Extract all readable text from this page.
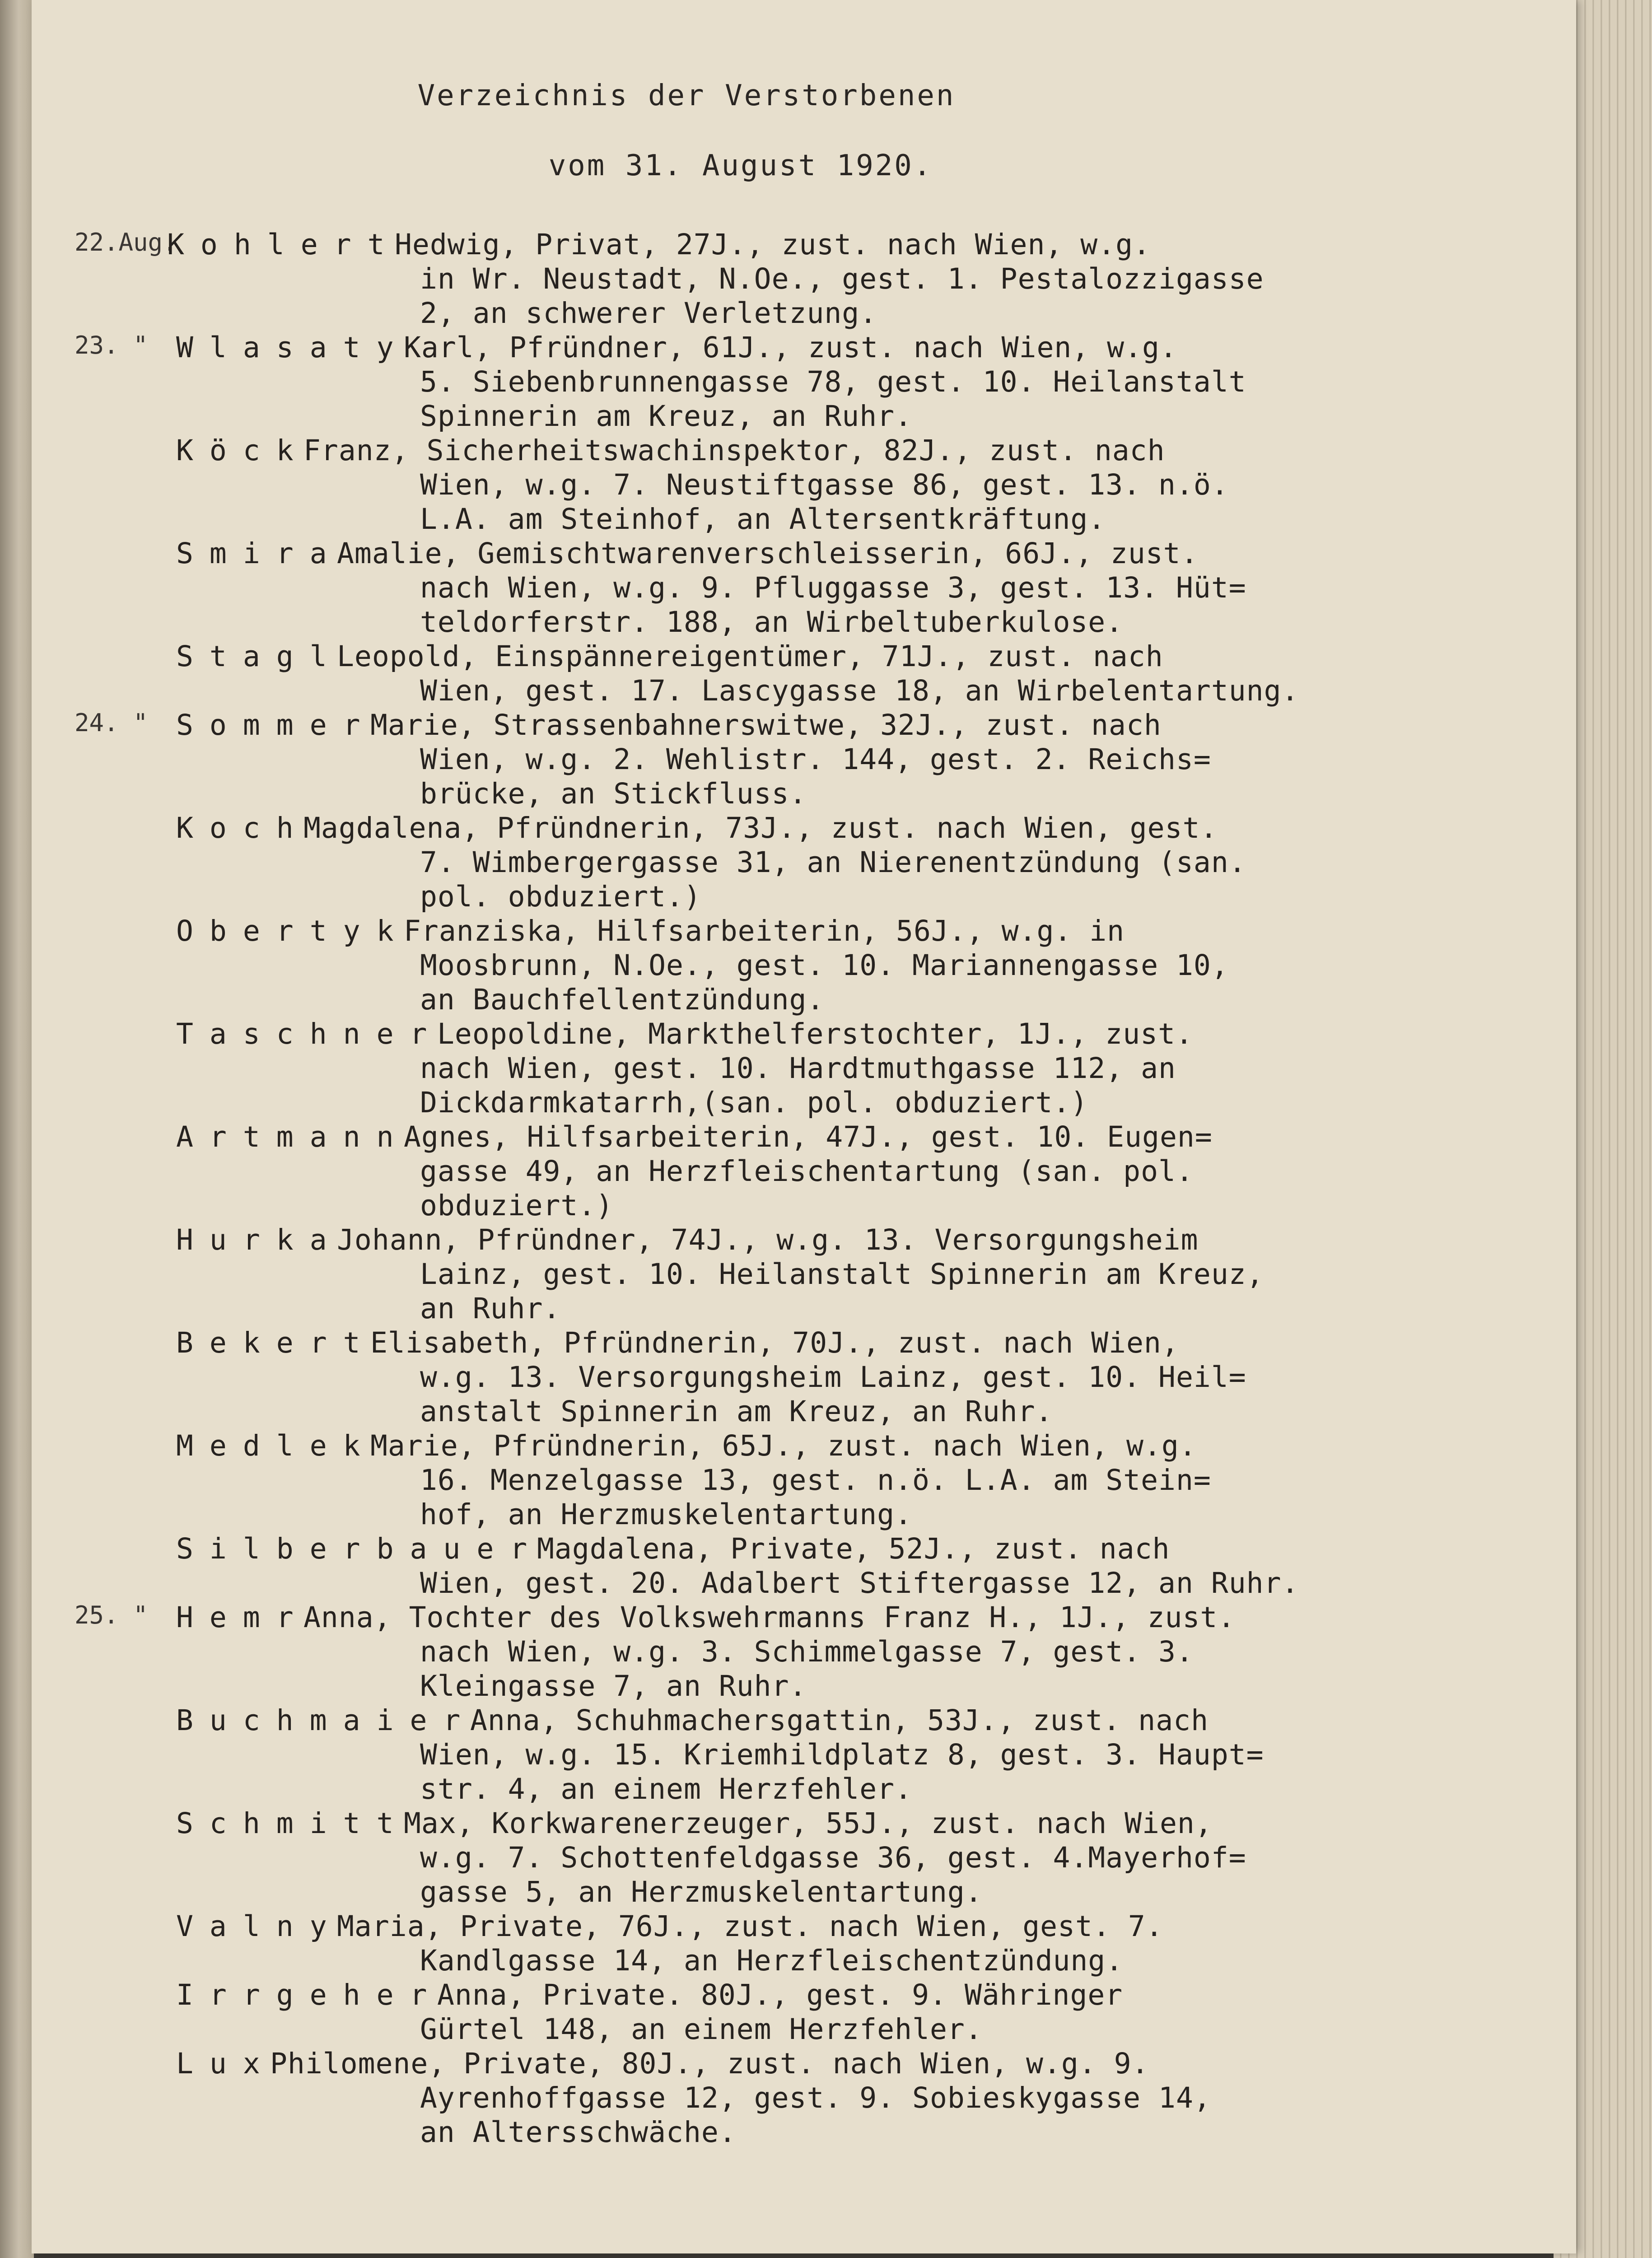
Verzeichnis der Verstorbenen
vom 31. August 1920.
22.Aug.
Kohlert
Hedwig, Privat, 27J., zust. nach Wien, w.g.
in Wr. Neustadt, N.Oe., gest. 1. Pestalozzigasse
2, an schwerer Verletzung.
23. " Wlasaty
Karl, Pfründner, 61J., zust. nach Wien, w.g.
5. Siebenbrunnengasse 78, gest. 10. Heilanstalt
Spinnerin am Kreuz, an Ruhr.
Köck
Franz, Sicherheitswachinspektor, 82J., zust. nach
Wien, w.g. 7. Neustiftgasse 86, gest. 13. n.ö.
L.A. am Steinhof, an Altersentkräftung.
Smira
Amalie, Gemischtwarenverschleisserin, 66J., zust.
nach Wien, w.g. 9. Pfluggasse 3, gest. 13. Hüt=
teldorferstr. 188, an Wirbeltuberkulose.
Stagl
Leopold, Einspännereigentümer, 71J., zust. nach
Wien, gest. 17. Lascygasse 18, an Wirbelentartung.
24. " Sommer
Marie, Strassenbahnerswitwe, 32J., zust. nach
Wien, w.g. 2. Wehlistr. 144, gest. 2. Reichs=
brücke, an Stickfluss.
Koch
Magdalena, Pfründnerin, 73J., zust. nach Wien, gest.
7. Wimbergergasse 31, an Nierenentzündung (san.
pol. obduziert.)
Obertyk
Franziska, Hilfsarbeiterin, 56J., w.g. in
Moosbrunn, N.Oe., gest. 10. Mariannengasse 10,
an Bauchfellentzündung.
Taschner
Leopoldine, Markthelferstochter, 1J., zust.
nach Wien, gest. 10. Hardtmuthgasse 112, an
Dickdarmkatarrh,(san. pol. obduziert.)
Artmann
Agnes, Hilfsarbeiterin, 47J., gest. 10. Eugen=
gasse 49, an Herzfleischentartung (san. pol.
obduziert.)
Hurka
Johann, Pfründner, 74J., w.g. 13. Versorgungsheim
Lainz, gest. 10. Heilanstalt Spinnerin am Kreuz,
an Ruhr.
Bekert
Elisabeth, Pfründnerin, 70J., zust. nach Wien,
w.g. 13. Versorgungsheim Lainz, gest. 10. Heil=
anstalt Spinnerin am Kreuz, an Ruhr.
Medlek
Marie, Pfründnerin, 65J., zust. nach Wien, w.g.
16. Menzelgasse 13, gest. n.ö. L.A. am Stein=
hof, an Herzmuskelentartung.
Silberbauer
Magdalena, Private, 52J., zust. nach
Wien, gest. 20. Adalbert Stiftergasse 12, an Ruhr.
25. " Hemr
Anna, Tochter des Volkswehrmanns Franz H., 1J., zust.
nach Wien, w.g. 3. Schimmelgasse 7, gest. 3.
Kleingasse 7, an Ruhr.
Buchmaier
Anna, Schuhmachersgattin, 53J., zust. nach
Wien, w.g. 15. Kriemhildplatz 8, gest. 3. Haupt=
str. 4, an einem Herzfehler.
Schmitt
Max, Korkwarenerzeuger, 55J., zust. nach Wien,
w.g. 7. Schottenfeldgasse 36, gest. 4.Mayerhof=
gasse 5, an Herzmuskelentartung.
Valny
Maria, Private, 76J., zust. nach Wien, gest. 7.
Kandlgasse 14, an Herzfleischentzündung.
Irrgeher
Anna, Private. 80J., gest. 9. Währinger
Gürtel 148, an einem Herzfehler.
Lux
Philomene, Private, 80J., zust. nach Wien, w.g. 9.
Ayrenhoffgasse 12, gest. 9. Sobieskygasse 14,
an Altersschwäche.
